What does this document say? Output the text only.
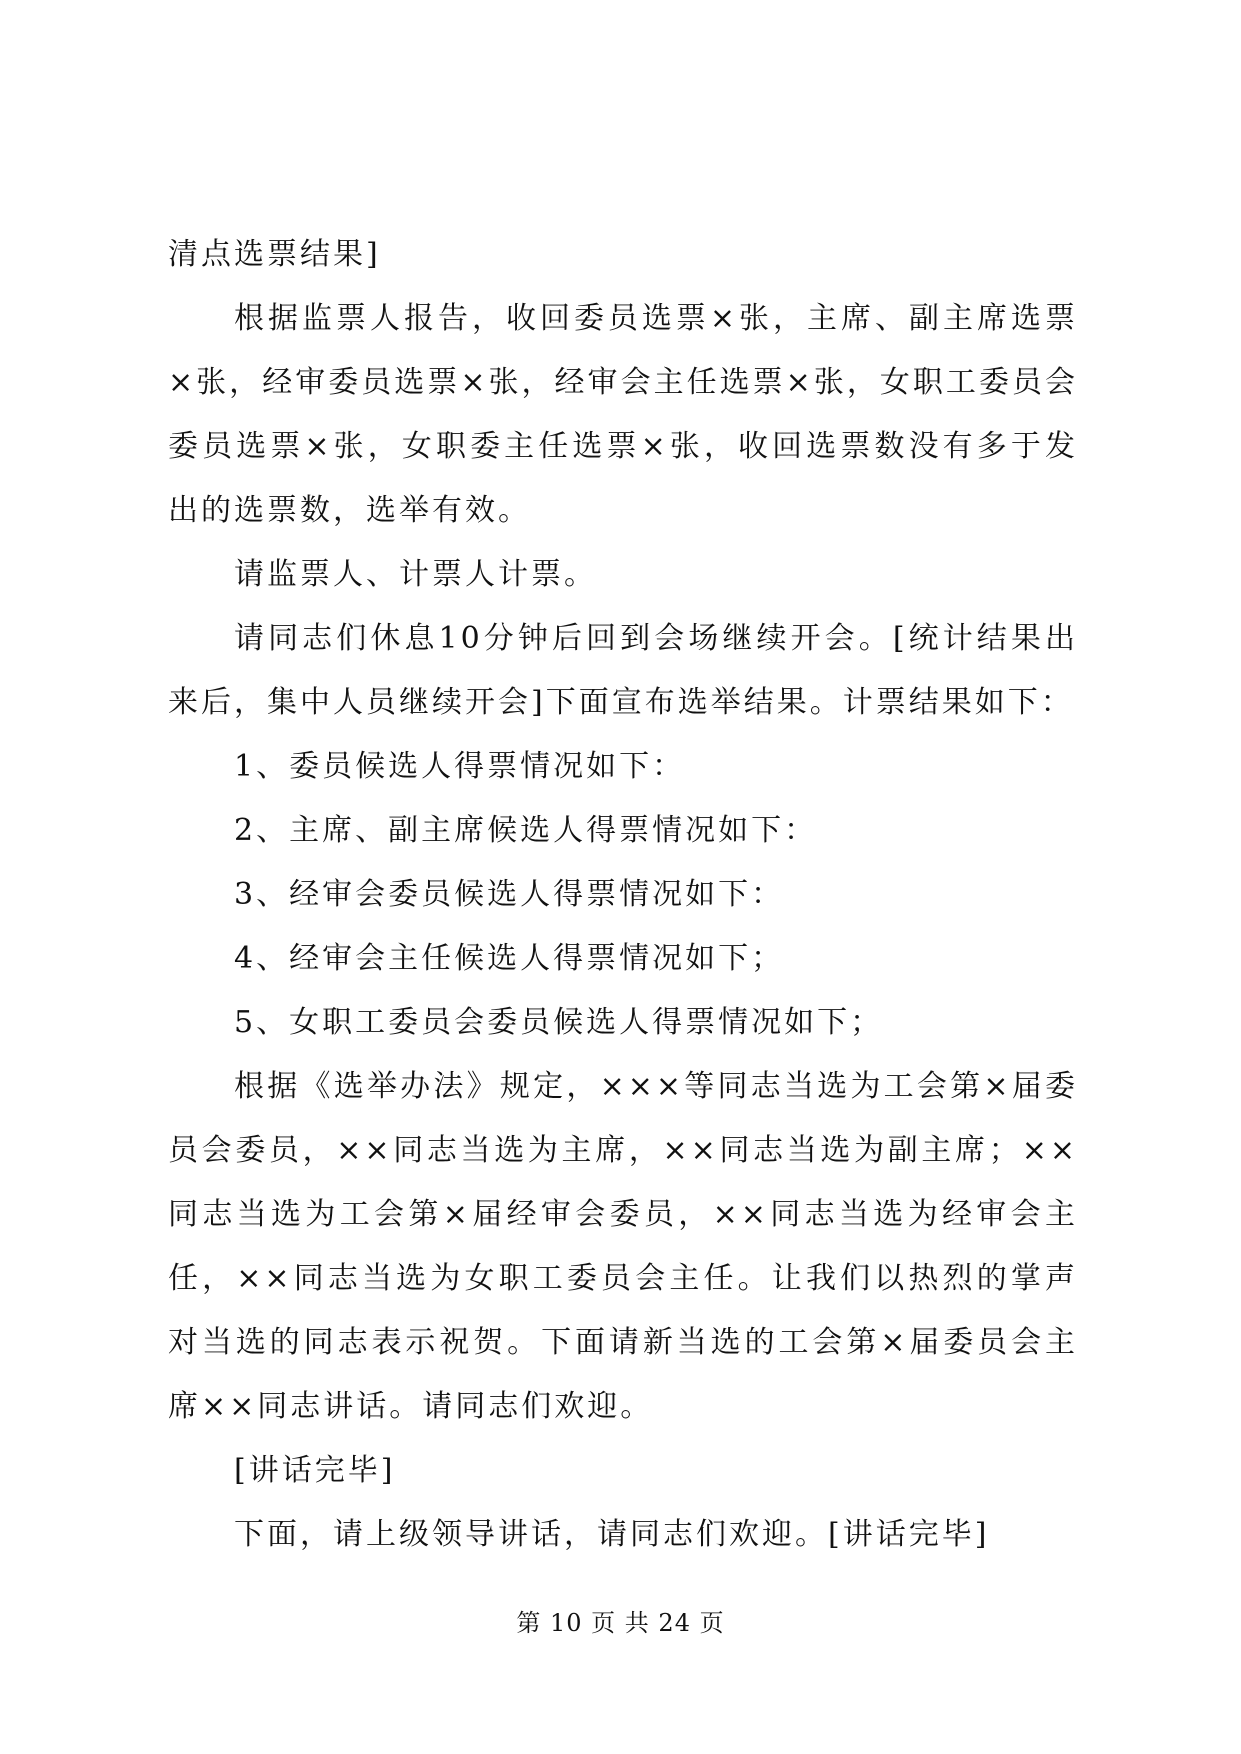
清点选票结果]

根据监票人报告，收回委员选票×张，主席、副主席选票×张，经审委员选票×张，经审会主任选票×张，女职工委员会委员选票×张，女职委主任选票×张，收回选票数没有多于发出的选票数，选举有效。

请监票人、计票人计票。

请同志们休息10分钟后回到会场继续开会。[统计结果出来后，集中人员继续开会]下面宣布选举结果。计票结果如下：

1、委员候选人得票情况如下：

2、主席、副主席候选人得票情况如下：

3、经审会委员候选人得票情况如下：

4、经审会主任候选人得票情况如下；

5、女职工委员会委员候选人得票情况如下；

根据《选举办法》规定，×××等同志当选为工会第×届委员会委员，××同志当选为主席，××同志当选为副主席；××同志当选为工会第×届经审会委员，××同志当选为经审会主任，××同志当选为女职工委员会主任。让我们以热烈的掌声对当选的同志表示祝贺。下面请新当选的工会第×届委员会主席××同志讲话。请同志们欢迎。

[讲话完毕]

下面，请上级领导讲话，请同志们欢迎。[讲话完毕]

第 10 页 共 24 页
